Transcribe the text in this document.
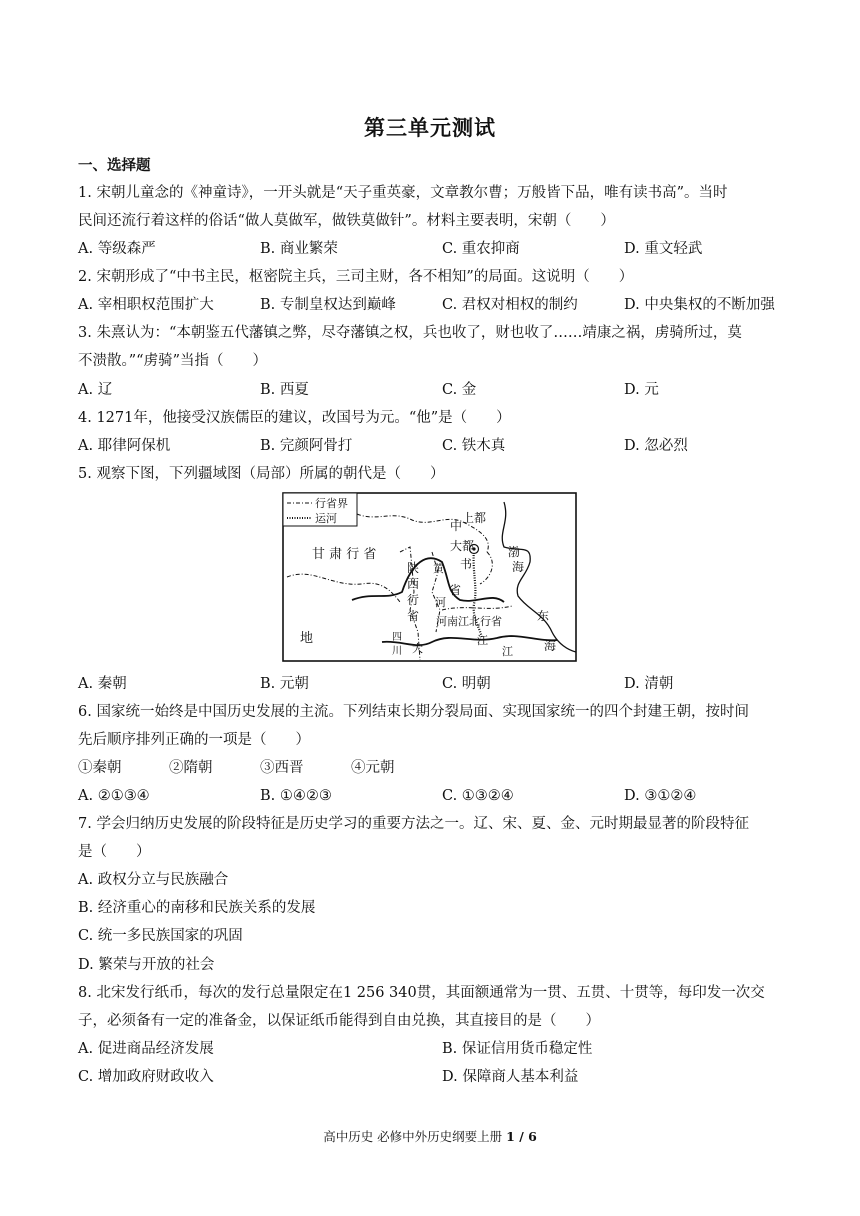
第三单元测试
一、选择题
1. 宋朝儿童念的《神童诗》，一开头就是“天子重英豪，文章教尔曹；万般皆下品，唯有读书高”。当时
民间还流行着这样的俗话“做人莫做军，做铁莫做针”。材料主要表明，宋朝（　　）
A. 等级森严	B. 商业繁荣	C. 重农抑商	D. 重文轻武
2. 宋朝形成了“中书主民，枢密院主兵，三司主财，各不相知”的局面。这说明（　　）
A. 宰相职权范围扩大	B. 专制皇权达到巅峰	C. 君权对相权的制约	D. 中央集权的不断加强
3. 朱熹认为：“本朝鉴五代藩镇之弊，尽夺藩镇之权，兵也收了，财也收了……靖康之祸，虏骑所过，莫
不溃散。”“虏骑”当指（　　）
A. 辽	B. 西夏	C. 金	D. 元
4. 1271年，他接受汉族儒臣的建议，改国号为元。“他”是（　　）
A. 耶律阿保机	B. 完颜阿骨打	C. 铁木真	D. 忽必烈
5. 观察下图，下列疆域图（局部）所属的朝代是（　　）
行省界
运河	上都
大都
中
书
省
渤
海
甘 肃 行 省
陕
西
行
省
黄
河
河南江北行省	东
海
四
川
地
大
江
江
A. 秦朝	B. 元朝	C. 明朝	D. 清朝
6. 国家统一始终是中国历史发展的主流。下列结束长期分裂局面、实现国家统一的四个封建王朝，按时间
先后顺序排列正确的一项是（　　）
①秦朝	②隋朝	③西晋	④元朝
A. ②①③④	B. ①④②③	C. ①③②④	D. ③①②④
7. 学会归纳历史发展的阶段特征是历史学习的重要方法之一。辽、宋、夏、金、元时期最显著的阶段特征
是（　　）
A. 政权分立与民族融合
B. 经济重心的南移和民族关系的发展
C. 统一多民族国家的巩固
D. 繁荣与开放的社会
8. 北宋发行纸币，每次的发行总量限定在1 256 340贯，其面额通常为一贯、五贯、十贯等，每印发一次交
子，必须备有一定的准备金，以保证纸币能得到自由兑换，其直接目的是（　　）
A. 促进商品经济发展	B. 保证信用货币稳定性
C. 增加政府财政收入	D. 保障商人基本利益
高中历史 必修中外历史纲要上册 1 / 6
